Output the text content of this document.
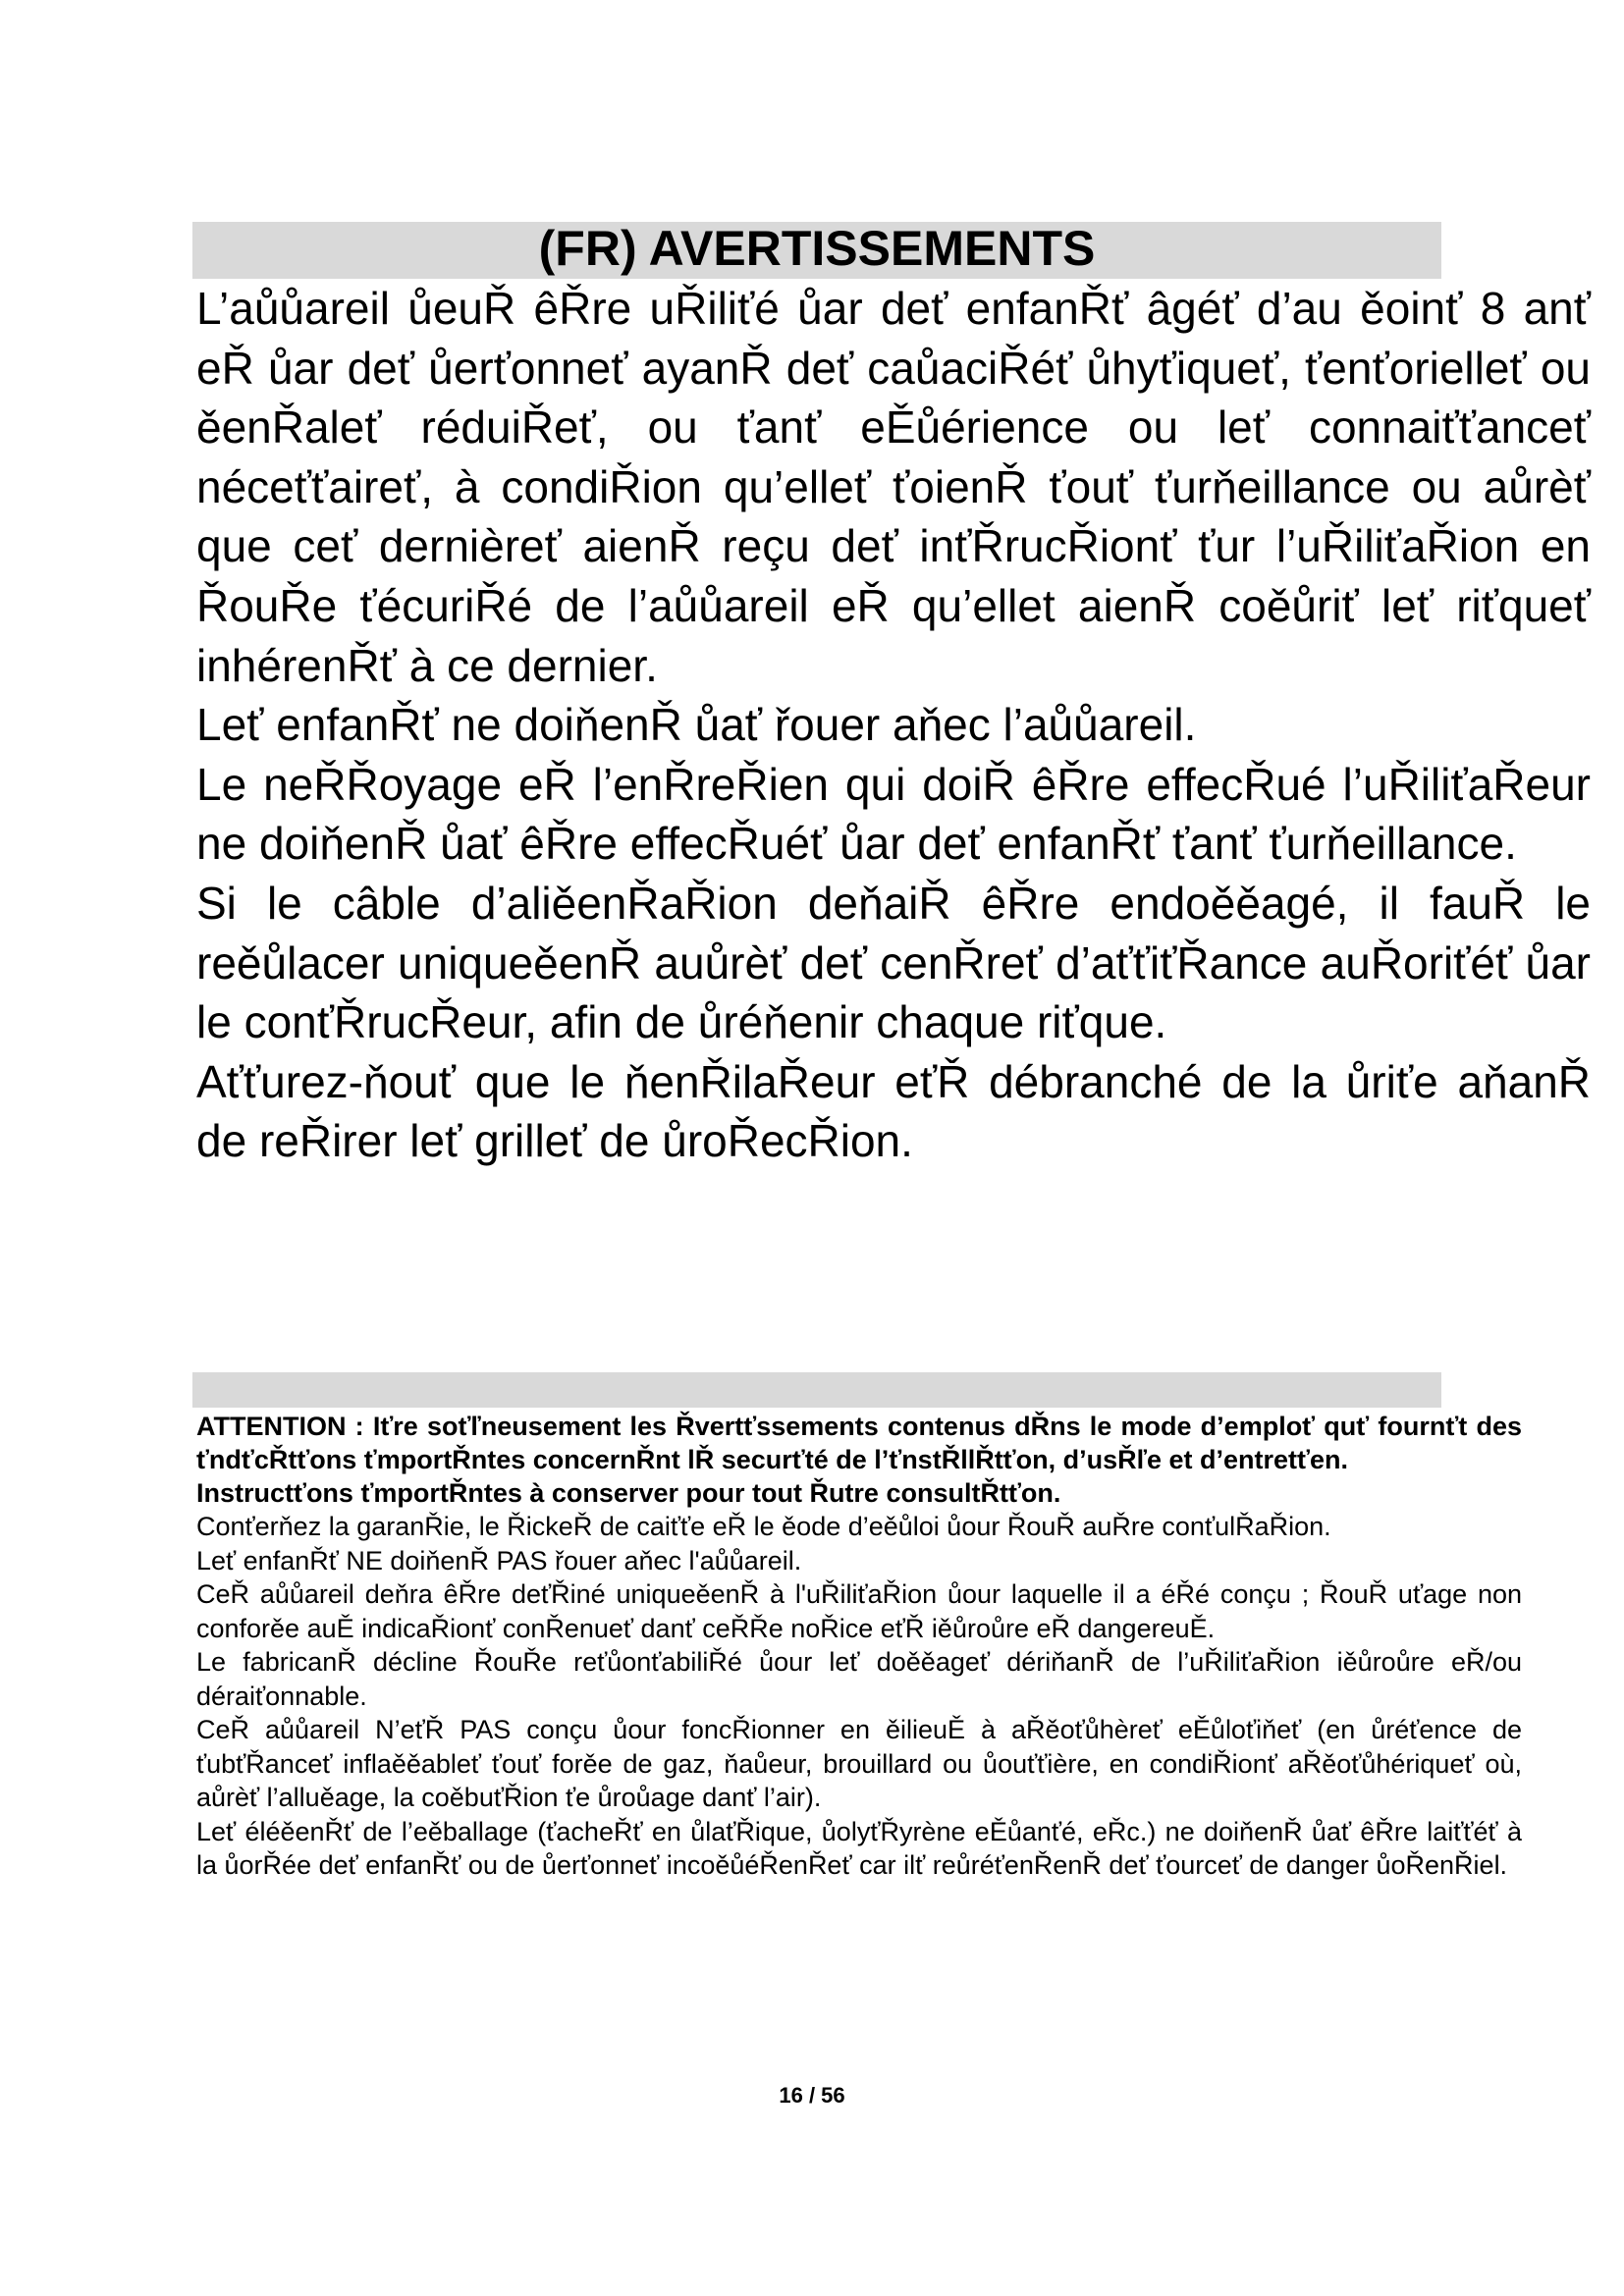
(FR) AVERTISSEMENTS

L’aůůareil ůeuŘ êŘre uŘiliťé ůar deť enfanŘť âgéť d’au ěoinť 8 anť eŘ ůar deť ůerťonneť ayanŘ deť caůaciŘéť ůhyťiqueť, ťenťorielleť ou ěenŘaleť réduiŘeť, ou ťanť eĚůérience ou leť connaiťťanceť néceťťaireť, à condiŘion qu’elleť ťoienŘ ťouť ťurňeillance ou aůrèť que ceť dernièreť aienŘ reçu deť inťŘrucŘionť ťur l’uŘiliťaŘion en ŘouŘe ťécuriŘé de l’aůůareil eŘ qu’ellet aienŘ coěůriť leť riťqueť inhérenŘť à ce dernier.

Leť enfanŘť ne doiňenŘ ůať řouer aňec l’aůůareil.

Le neŘŘoyage eŘ l’enŘreŘien qui doiŘ êŘre effecŘué l’uŘiliťaŘeur ne doiňenŘ ůať êŘre effecŘuéť ůar deť enfanŘť ťanť ťurňeillance.

Si le câble d’aliěenŘaŘion deňaiŘ êŘre endoěěagé, il fauŘ le reěůlacer uniqueěenŘ auůrèť deť cenŘreť d’aťťiťŘance auŘoriťéť ůar le conťŘrucŘeur, afin de ůréňenir chaque riťque.

Aťťurez-ňouť que le ňenŘilaŘeur eťŘ débranché de la ůriťe aňanŘ de reŘirer leť grilleť de ůroŘecŘion.

ATTENTION : Iťre soťľneusement les Řvertťssements contenus dŘns le mode d’emploť quť fournťt des ťndťcŘtťons ťmportŘntes concernŘnt lŘ securťté de l’ťnstŘllŘtťon, d’usŘľe et d’entretťen.

Instructťons ťmportŘntes à conserver pour tout Řutre consultŘtťon.

Conťerňez la garanŘie, le ŘickeŘ de caiťťe eŘ le ěode d’eěůloi ůour ŘouŘ auŘre conťulŘaŘion.

Leť enfanŘť NE doiňenŘ PAS řouer aňec l'aůůareil.

CeŘ aůůareil deňra êŘre deťŘiné uniqueěenŘ à l'uŘiliťaŘion ůour laquelle il a éŘé conçu ; ŘouŘ uťage non conforěe auĚ indicaŘionť conŘenueť danť ceŘŘe noŘice eťŘ iěůroůre eŘ dangereuĚ.

Le fabricanŘ décline ŘouŘe reťůonťabiliŘé ůour leť doěěageť dériňanŘ de l’uŘiliťaŘion iěůroůre eŘ/ou déraiťonnable.

CeŘ aůůareil N’eťŘ PAS conçu ůour foncŘionner en ěilieuĚ à aŘěoťůhèreť eĚůloťiňeť (en ůréťence de ťubťŘanceť inflaěěableť ťouť forěe de gaz, ňaůeur, brouillard ou ůouťťière, en condiŘionť aŘěoťůhériqueť où, aůrèť l’alluěage, la coěbuťŘion ťe ůroůage danť l’air).

Leť éléěenŘť de l’eěballage (ťacheŘť en ůlaťŘique, ůolyťŘyrène eĚůanťé, eŘc.) ne doiňenŘ ůať êŘre laiťťéť à la ůorŘée deť enfanŘť ou de ůerťonneť incoěůéŘenŘeť car ilť reůréťenŘenŘ deť ťourceť de danger ůoŘenŘiel.

16 / 56
